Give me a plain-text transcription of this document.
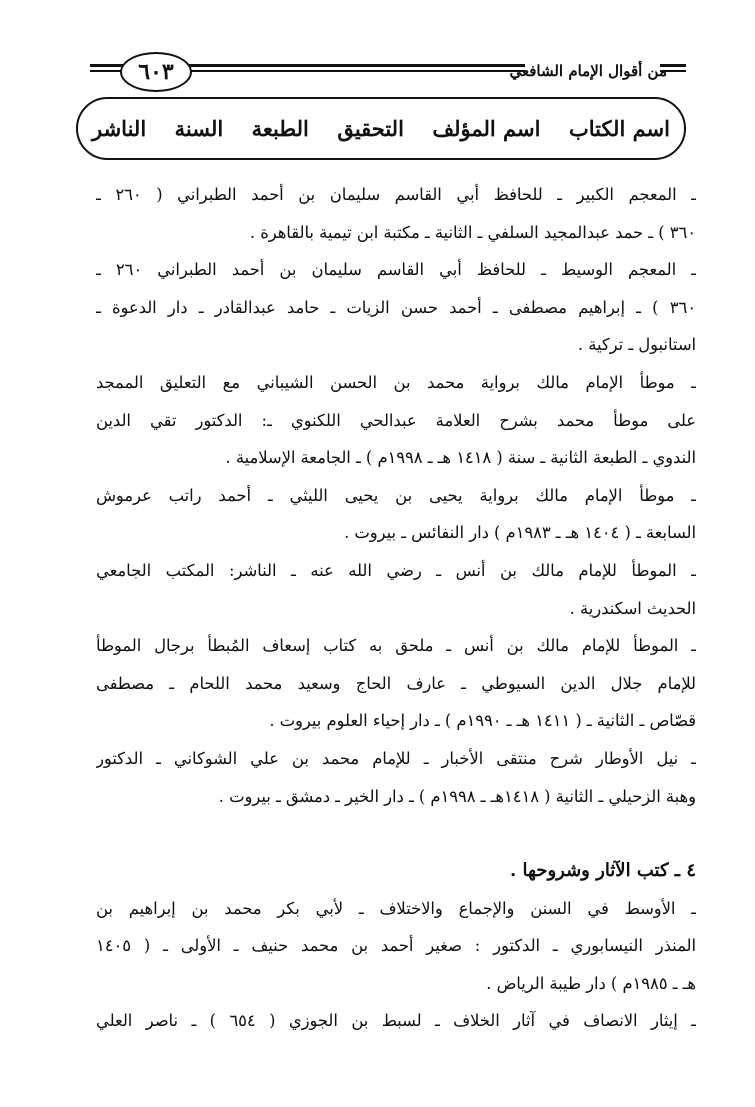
٦٠٣	من أقوال الإمام الشافعي
اسم الكتاب
اسم المؤلف
التحقيق
الطبعة
السنة
الناشر
ـ المعجم الكبير ـ للحافظ أبي القاسم سليمان بن أحمد الطبراني ( ٢٦٠ ـ
٣٦٠ ) ـ حمد عبدالمجيد السلفي ـ الثانية ـ مكتبة ابن تيمية بالقاهرة .
ـ المعجم الوسيط ـ للحافظ أبي القاسم سليمان بن أحمد الطبراني ٢٦٠ ـ
٣٦٠ ) ـ إبراهيم مصطفى ـ أحمد حسن الزيات ـ حامد عبدالقادر ـ دار الدعوة ـ
استانبول ـ تركية .
ـ موطأ الإمام مالك برواية محمد بن الحسن الشيباني مع التعليق الممجد
على موطأ محمد بشرح العلامة عبدالحي اللكنوي ـ: الدكتور تقي الدين
الندوي ـ الطبعة الثانية ـ سنة ( ١٤١٨ هـ ـ ١٩٩٨م ) ـ الجامعة الإسلامية .
ـ موطأ الإمام مالك برواية يحيى بن يحيى الليثي ـ أحمد راتب عرموش
السابعة ـ ( ١٤٠٤ هـ ـ ١٩٨٣م ) دار النفائس ـ بيروت .
ـ الموطأ للإمام مالك بن أنس ـ رضي الله عنه ـ الناشر: المكتب الجامعي
الحديث اسكندرية .
ـ الموطأ للإمام مالك بن أنس ـ ملحق به كتاب إسعاف المُبطأ برجال الموطأ
للإمام جلال الدين السيوطي ـ عارف الحاج وسعيد محمد اللحام ـ مصطفى
قصّاص ـ الثانية ـ ( ١٤١١ هـ ـ ١٩٩٠م ) ـ دار إحياء العلوم بيروت .
ـ نيل الأوطار شرح منتقى الأخبار ـ للإمام محمد بن علي الشوكاني ـ الدكتور
وهبة الزحيلي ـ الثانية ( ١٤١٨هـ ـ ١٩٩٨م ) ـ دار الخير ـ دمشق ـ بيروت .
٤ ـ كتب الآثار وشروحها .
ـ الأوسط في السنن والإجماع والاختلاف ـ لأبي بكر محمد بن إبراهيم بن
المنذر النيسابوري ـ الدكتور : صغير أحمد بن محمد حنيف ـ الأولى ـ ( ١٤٠٥
هـ ـ ١٩٨٥م ) دار طيبة الرياض .
ـ إيثار الانصاف في آثار الخلاف ـ لسبط بن الجوزي ( ٦٥٤ ) ـ ناصر العلي
